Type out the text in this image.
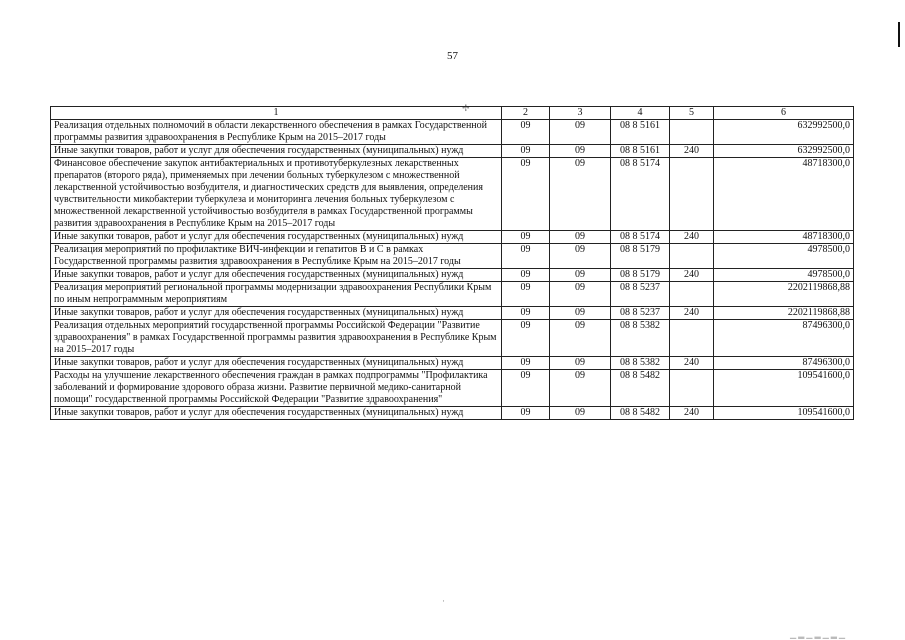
57
✢
·
▁▂▁▂▁▂▁
1	2	3	4	5	6
Реализация отдельных полномочий в области лекарственного обеспечения в рамках Государственной программы развития здравоохранения в Республике Крым на 2015–2017 годы	09	09	08 8 5161		632992500,0
Иные закупки товаров, работ и услуг для обеспечения государственных (муниципальных) нужд	09	09	08 8 5161	240	632992500,0
Финансовое обеспечение закупок антибактериальных и противотуберкулезных лекарственных препаратов (второго ряда), применяемых при лечении больных туберкулезом с множественной лекарственной устойчивостью возбудителя, и диагностических средств для выявления, определения чувствительности микобактерии туберкулеза и мониторинга лечения больных туберкулезом с множественной лекарственной устойчивостью возбудителя в рамках Государственной программы развития здравоохранения в Республике Крым на 2015–2017 годы	09	09	08 8 5174		48718300,0
Иные закупки товаров, работ и услуг для обеспечения государственных (муниципальных) нужд	09	09	08 8 5174	240	48718300,0
Реализация мероприятий по профилактике ВИЧ-инфекции и гепатитов В и С в рамках Государственной программы развития здравоохранения в Республике Крым на 2015–2017 годы	09	09	08 8 5179		4978500,0
Иные закупки товаров, работ и услуг для обеспечения государственных (муниципальных) нужд	09	09	08 8 5179	240	4978500,0
Реализация мероприятий региональной программы модернизации здравоохранения Республики Крым по иным непрограммным мероприятиям	09	09	08 8 5237		2202119868,88
Иные закупки товаров, работ и услуг для обеспечения государственных (муниципальных) нужд	09	09	08 8 5237	240	2202119868,88
Реализация отдельных мероприятий государственной программы Российской Федерации "Развитие здравоохранения" в рамках Государственной программы развития здравоохранения в Республике Крым на 2015–2017 годы	09	09	08 8 5382		87496300,0
Иные закупки товаров, работ и услуг для обеспечения государственных (муниципальных) нужд	09	09	08 8 5382	240	87496300,0
Расходы на улучшение лекарственного обеспечения граждан в рамках подпрограммы "Профилактика заболеваний и формирование здорового образа жизни. Развитие первичной медико-санитарной помощи" государственной программы Российской Федерации "Развитие здравоохранения"	09	09	08 8 5482		109541600,0
Иные закупки товаров, работ и услуг для обеспечения государственных (муниципальных) нужд	09	09	08 8 5482	240	109541600,0
